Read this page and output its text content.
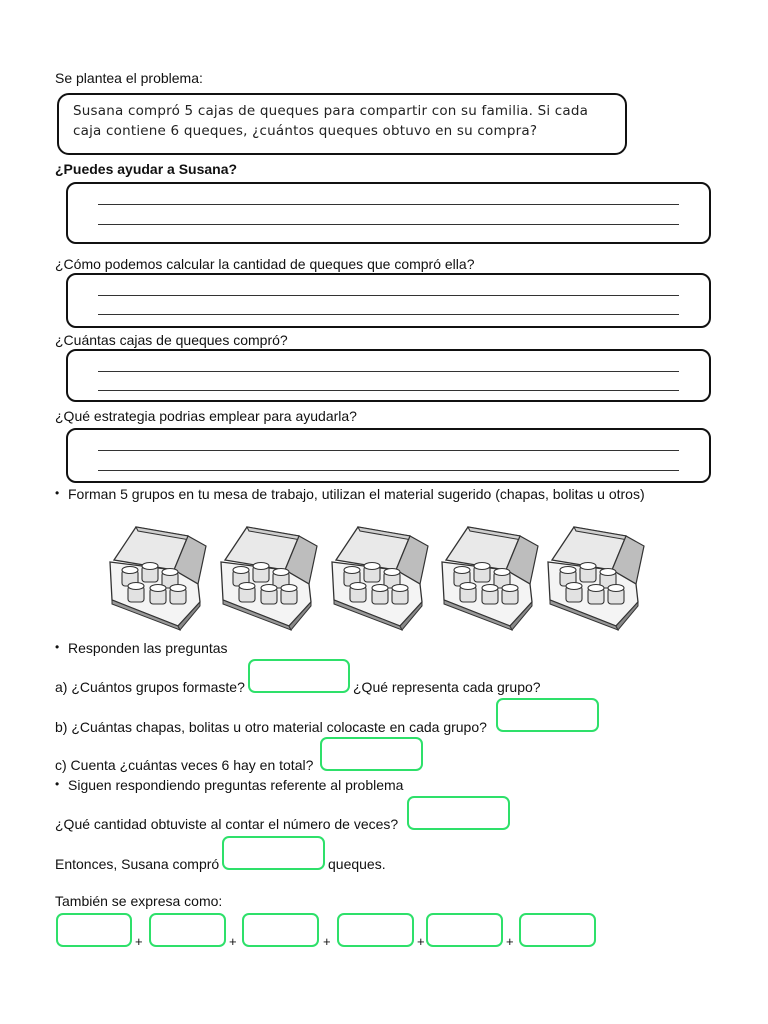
Se plantea el problema:
Susana compró 5 cajas de queques para compartir con su familia. Si cada
caja contiene 6 queques, ¿cuántos queques obtuvo en su compra?
¿Puedes ayudar a Susana?
¿Cómo podemos calcular la cantidad de queques que compró ella?
¿Cuántas cajas de queques compró?
¿Qué estrategia podrias emplear para ayudarla?
• Forman 5 grupos en tu mesa de trabajo, utilizan el material sugerido (chapas, bolitas u otros)
• Responden las preguntas
a) ¿Cuántos grupos formaste?	¿Qué representa cada grupo?
b) ¿Cuántas chapas, bolitas u otro material colocaste en cada grupo?
c) Cuenta ¿cuántas veces 6 hay en total?
• Siguen respondiendo preguntas referente al problema
¿Qué cantidad obtuviste al contar el número de veces?
Entonces, Susana compró	queques.
También se expresa como:
+	+	+	+	+
